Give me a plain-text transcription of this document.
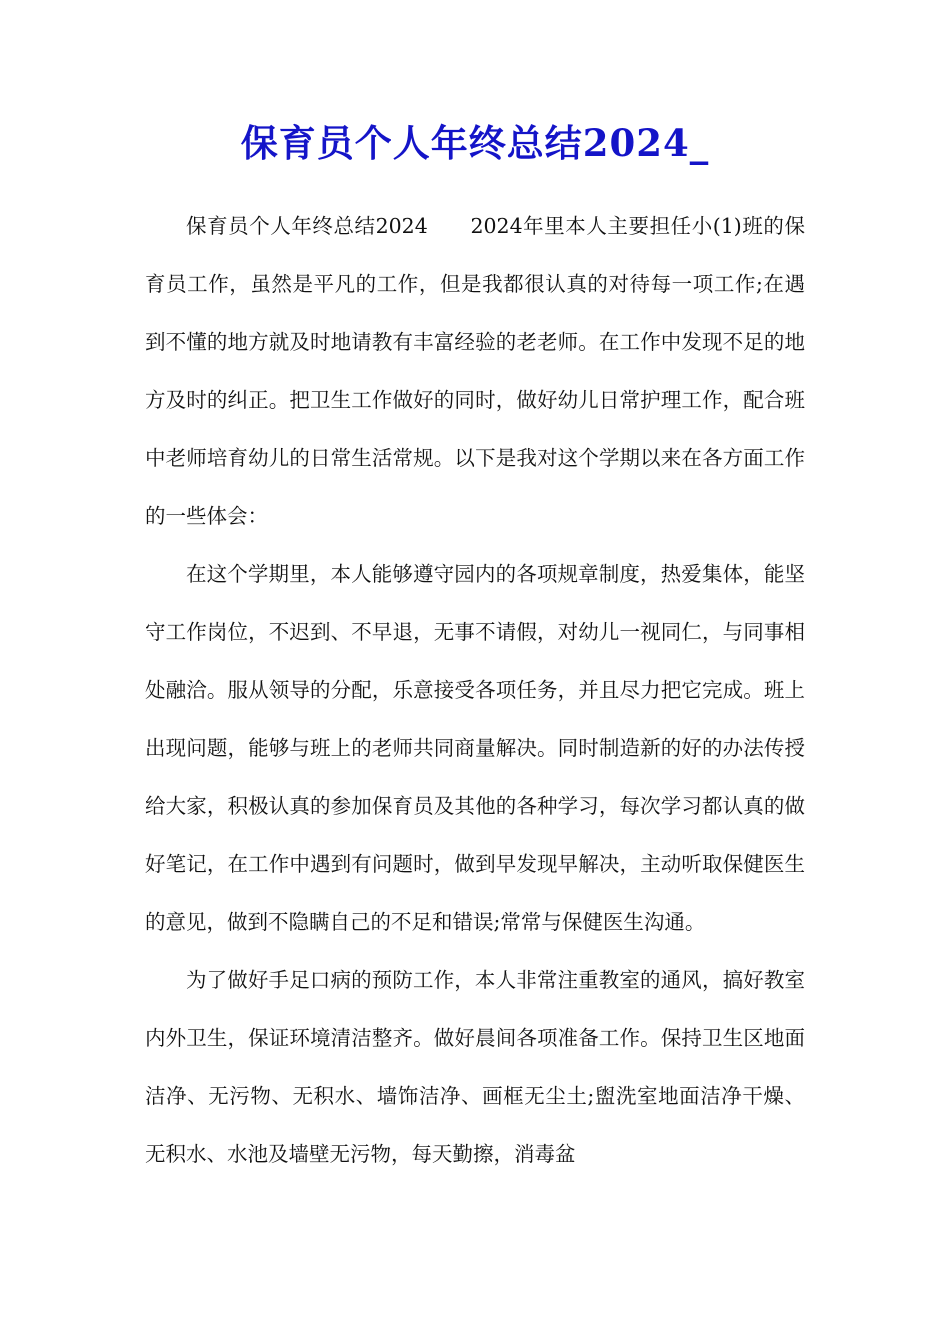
保育员个人年终总结2024_

保育员个人年终总结2024　　2024年里本人主要担任小(1)班的保育员工作，虽然是平凡的工作，但是我都很认真的对待每一项工作;在遇到不懂的地方就及时地请教有丰富经验的老老师。在工作中发现不足的地方及时的纠正。把卫生工作做好的同时，做好幼儿日常护理工作，配合班中老师培育幼儿的日常生活常规。以下是我对这个学期以来在各方面工作的一些体会：

在这个学期里，本人能够遵守园内的各项规章制度，热爱集体，能坚守工作岗位，不迟到、不早退，无事不请假，对幼儿一视同仁，与同事相处融洽。服从领导的分配，乐意接受各项任务，并且尽力把它完成。班上出现问题，能够与班上的老师共同商量解决。同时制造新的好的办法传授给大家，积极认真的参加保育员及其他的各种学习，每次学习都认真的做好笔记，在工作中遇到有问题时，做到早发现早解决，主动听取保健医生的意见，做到不隐瞒自己的不足和错误;常常与保健医生沟通。

为了做好手足口病的预防工作，本人非常注重教室的通风，搞好教室内外卫生，保证环境清洁整齐。做好晨间各项准备工作。保持卫生区地面洁净、无污物、无积水、墙饰洁净、画框无尘土;盥洗室地面洁净干燥、无积水、水池及墙壁无污物，每天勤擦，消毒盆
